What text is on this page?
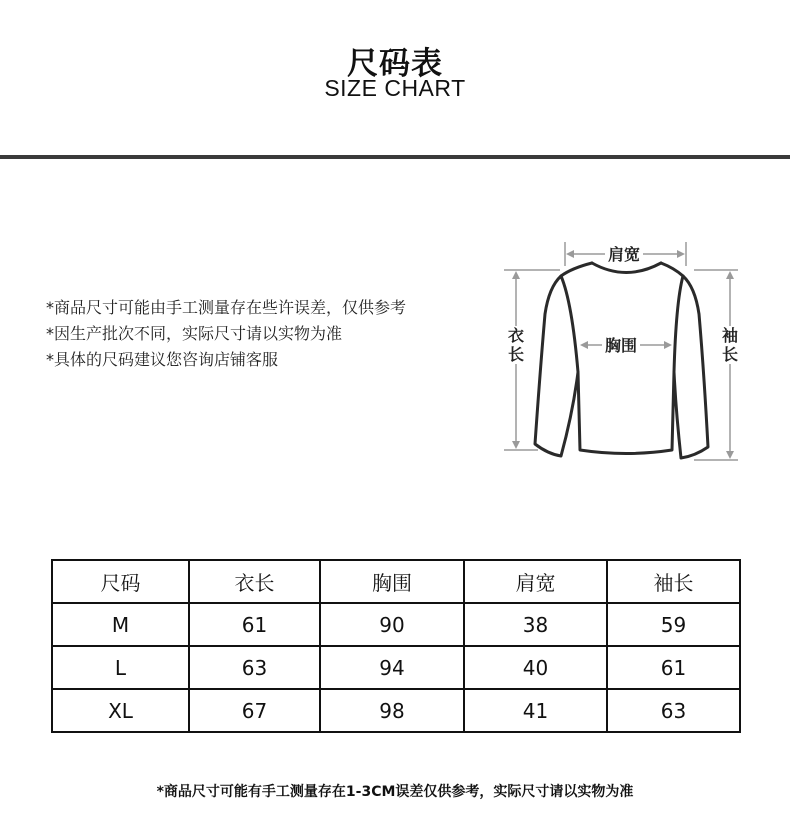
尺码表
SIZE CHART
*商品尺寸可能由手工测量存在些许误差，仅供参考
*因生产批次不同，实际尺寸请以实物为准
*具体的尺码建议您咨询店铺客服
肩宽
胸围
衣长
袖长
尺码	衣长	胸围	肩宽	袖长
M	61	90	38	59
L	63	94	40	61
XL	67	98	41	63
*商品尺寸可能有手工测量存在1-3CM误差仅供参考，实际尺寸请以实物为准
